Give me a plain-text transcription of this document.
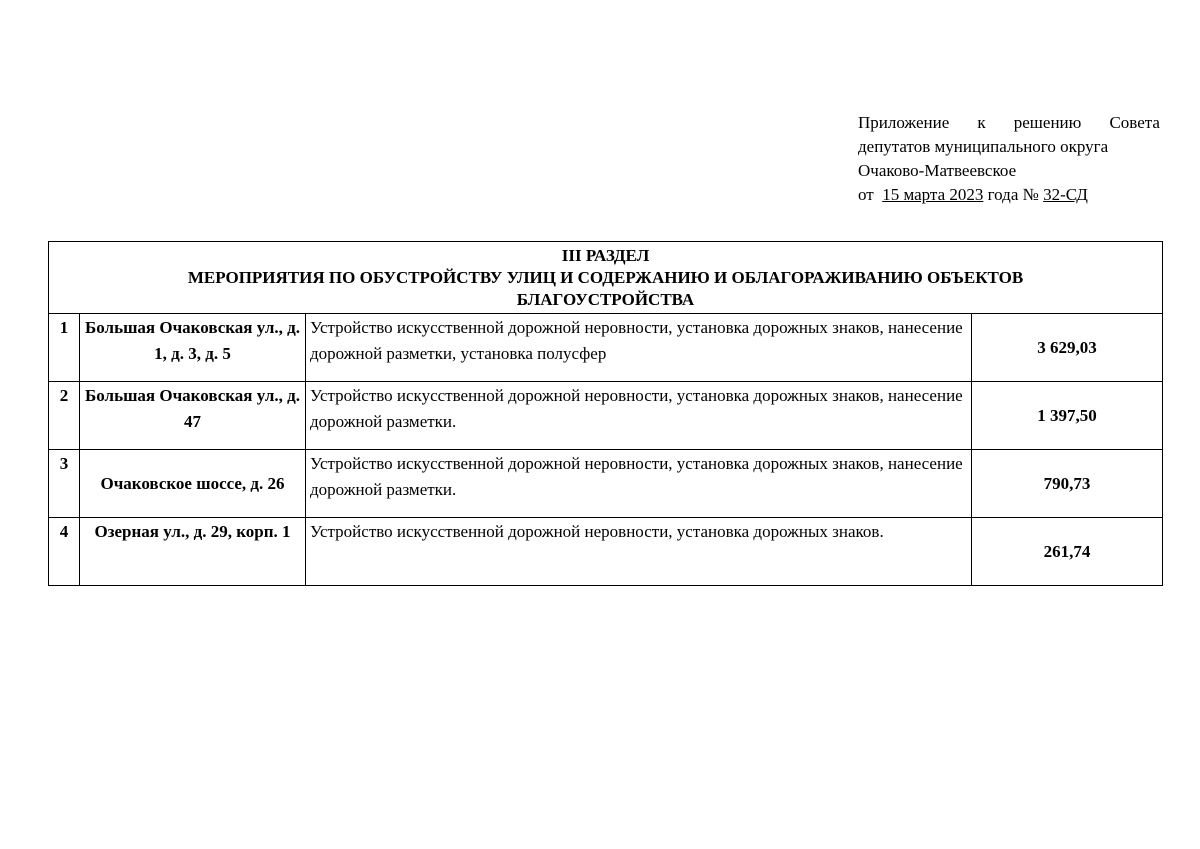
Приложение к решению Совета
депутатов муниципального округа
Очаково-Матвеевское
от 15 марта 2023 года № 32-СД
III РАЗДЕЛ
МЕРОПРИЯТИЯ ПО ОБУСТРОЙСТВУ УЛИЦ И СОДЕРЖАНИЮ И ОБЛАГОРАЖИВАНИЮ ОБЪЕКТОВ
БЛАГОУСТРОЙСТВА			

1	Большая Очаковская ул., д. 1, д. 3, д. 5	Устройство искусственной дорожной неровности, установка дорожных знаков, нанесение дорожной разметки, установка полусфер	3 629,03
2	Большая Очаковская ул., д. 47	Устройство искусственной дорожной неровности, установка дорожных знаков, нанесение дорожной разметки.	1 397,50
3	Очаковское шоссе, д. 26	Устройство искусственной дорожной неровности, установка дорожных знаков, нанесение дорожной разметки.	790,73
4	Озерная ул., д. 29, корп. 1	Устройство искусственной дорожной неровности, установка дорожных знаков.	261,74
